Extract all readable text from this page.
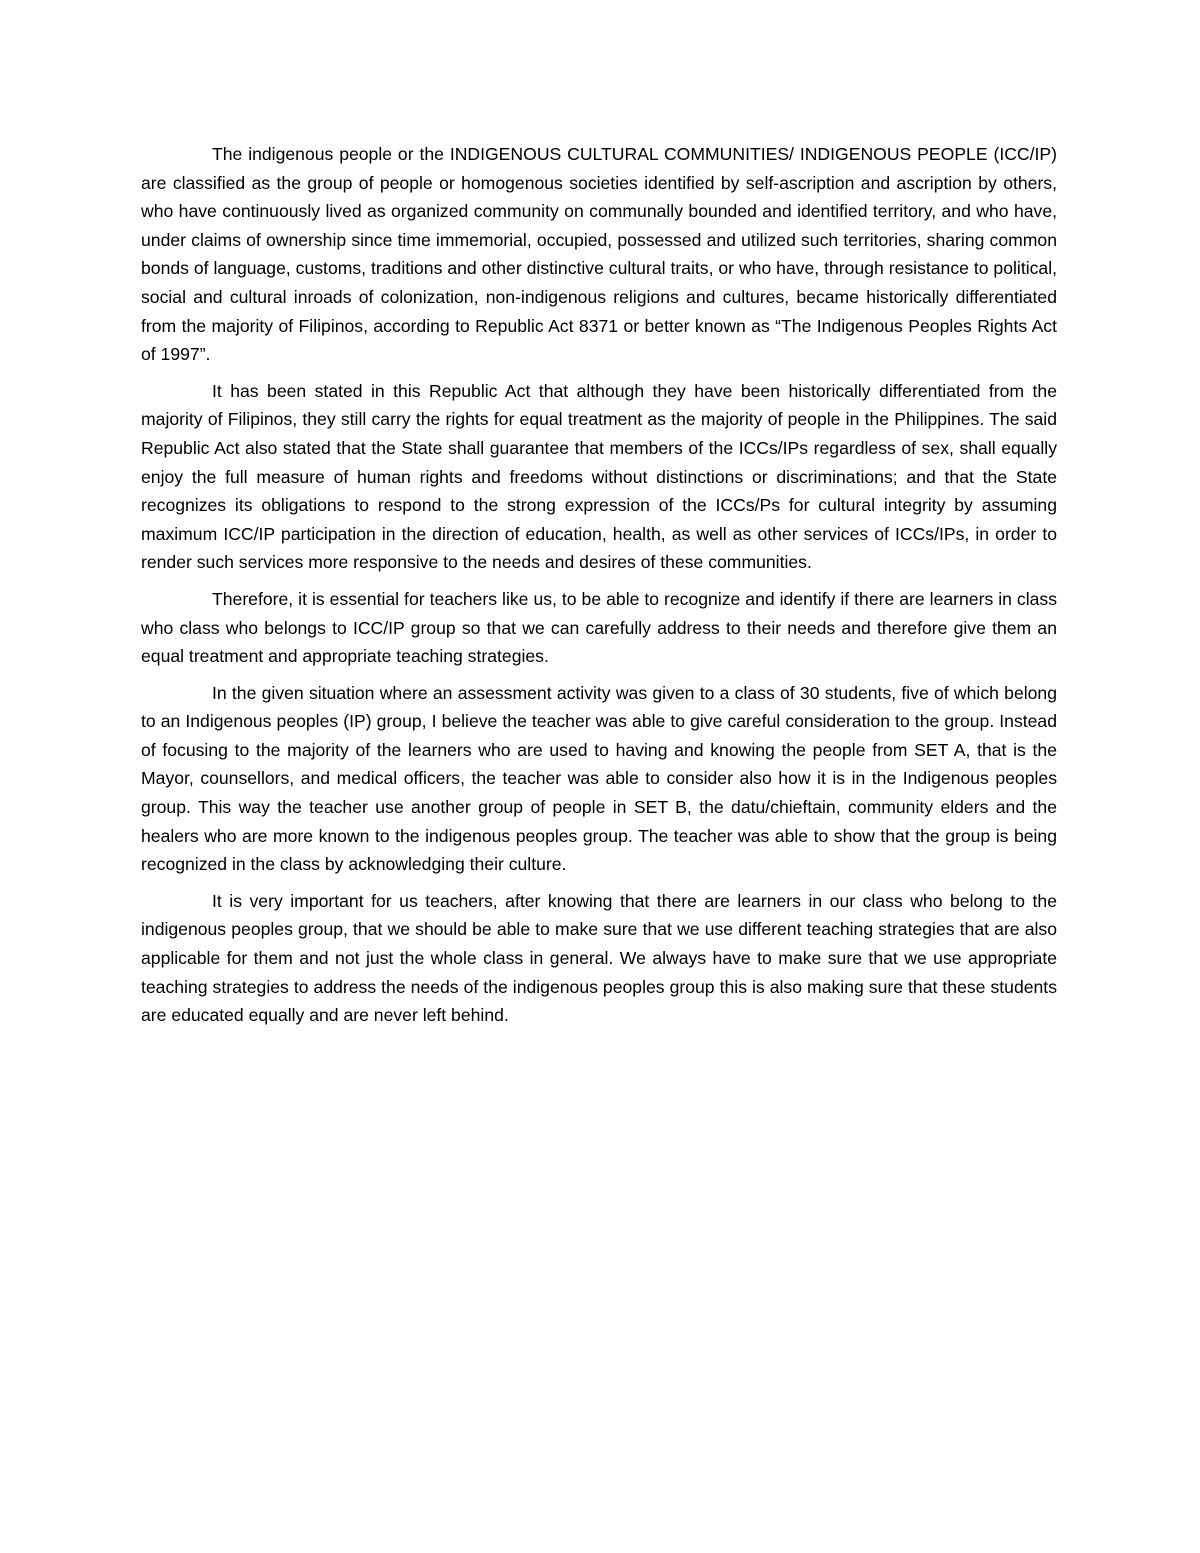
The indigenous people or the INDIGENOUS CULTURAL COMMUNITIES/ INDIGENOUS PEOPLE (ICC/IP) are classified as the group of people or homogenous societies identified by self-ascription and ascription by others, who have continuously lived as organized community on communally bounded and identified territory, and who have, under claims of ownership since time immemorial, occupied, possessed and utilized such territories, sharing common bonds of language, customs, traditions and other distinctive cultural traits, or who have, through resistance to political, social and cultural inroads of colonization, non-indigenous religions and cultures, became historically differentiated from the majority of Filipinos, according to Republic Act 8371 or better known as “The Indigenous Peoples Rights Act of 1997”.

It has been stated in this Republic Act that although they have been historically differentiated from the majority of Filipinos, they still carry the rights for equal treatment as the majority of people in the Philippines. The said Republic Act also stated that the State shall guarantee that members of the ICCs/IPs regardless of sex, shall equally enjoy the full measure of human rights and freedoms without distinctions or discriminations; and that the State recognizes its obligations to respond to the strong expression of the ICCs/Ps for cultural integrity by assuming maximum ICC/IP participation in the direction of education, health, as well as other services of ICCs/IPs, in order to render such services more responsive to the needs and desires of these communities.

Therefore, it is essential for teachers like us, to be able to recognize and identify if there are learners in class who class who belongs to ICC/IP group so that we can carefully address to their needs and therefore give them an equal treatment and appropriate teaching strategies.

In the given situation where an assessment activity was given to a class of 30 students, five of which belong to an Indigenous peoples (IP) group, I believe the teacher was able to give careful consideration to the group. Instead of focusing to the majority of the learners who are used to having and knowing the people from SET A, that is the Mayor, counsellors, and medical officers, the teacher was able to consider also how it is in the Indigenous peoples group. This way the teacher use another group of people in SET B, the datu/chieftain, community elders and the healers who are more known to the indigenous peoples group. The teacher was able to show that the group is being recognized in the class by acknowledging their culture.

It is very important for us teachers, after knowing that there are learners in our class who belong to the indigenous peoples group, that we should be able to make sure that we use different teaching strategies that are also applicable for them and not just the whole class in general. We always have to make sure that we use appropriate teaching strategies to address the needs of the indigenous peoples group this is also making sure that these students are educated equally and are never left behind.
